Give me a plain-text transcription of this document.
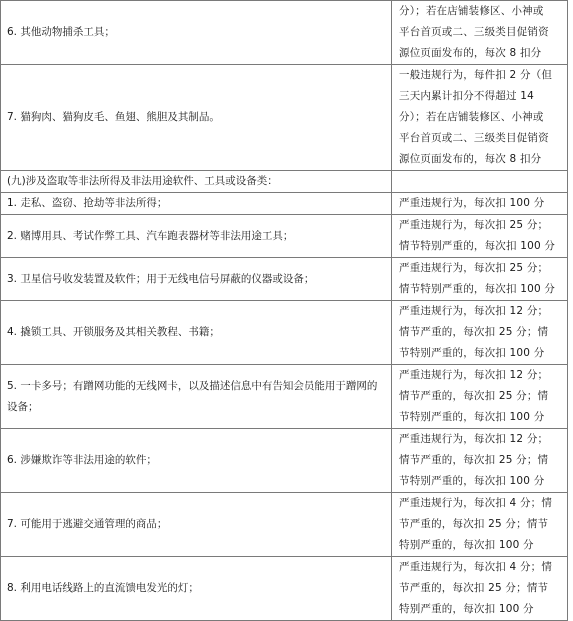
6. 其他动物捕杀工具；	分）；若在店铺装修区、小神或
平台首页或二、三级类目促销资
源位页面发布的，每次 8 扣分

7. 猫狗肉、猫狗皮毛、鱼翅、熊胆及其制品。	一般违规行为，每件扣 2 分（但
三天内累计扣分不得超过 14
分）；若在店铺装修区、小神或
平台首页或二、三级类目促销资
源位页面发布的，每次 8 扣分

(九)涉及盗取等非法所得及非法用途软件、工具或设备类：	
1. 走私、盗窃、抢劫等非法所得；	严重违规行为，每次扣 100 分

2. 赌博用具、考试作弊工具、汽车跑表器材等非法用途工具；	严重违规行为，每次扣 25 分；
情节特别严重的，每次扣 100 分

3. 卫星信号收发装置及软件；用于无线电信号屏蔽的仪器或设备；	严重违规行为，每次扣 25 分；
情节特别严重的，每次扣 100 分

4. 撬锁工具、开锁服务及其相关教程、书籍；	严重违规行为，每次扣 12 分；
情节严重的，每次扣 25 分；情
节特别严重的，每次扣 100 分

5. 一卡多号；有蹭网功能的无线网卡，以及描述信息中有告知会员能用于蹭网的设备；	严重违规行为，每次扣 12 分；
情节严重的，每次扣 25 分；情
节特别严重的，每次扣 100 分

6. 涉嫌欺诈等非法用途的软件；	严重违规行为，每次扣 12 分；
情节严重的，每次扣 25 分；情
节特别严重的，每次扣 100 分

7. 可能用于逃避交通管理的商品；	严重违规行为，每次扣 4 分；情
节严重的，每次扣 25 分；情节
特别严重的，每次扣 100 分

8. 利用电话线路上的直流馈电发光的灯；	严重违规行为，每次扣 4 分；情
节严重的，每次扣 25 分；情节
特别严重的，每次扣 100 分
